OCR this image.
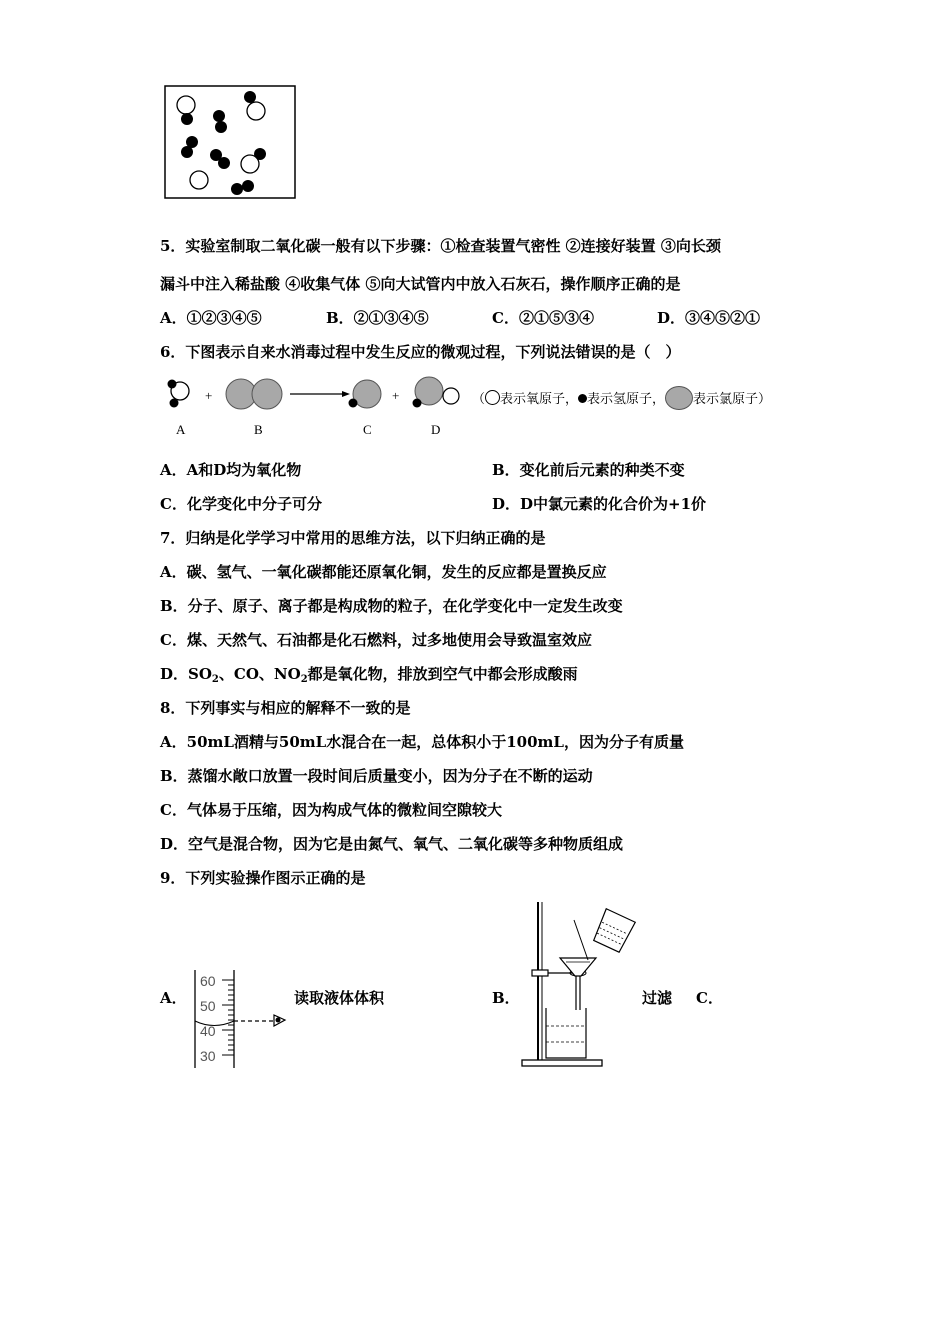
5．实验室制取二氧化碳一般有以下步骤：①检查装置气密性 ②连接好装置 ③向长颈
漏斗中注入稀盐酸 ④收集气体 ⑤向大试管内中放入石灰石，操作顺序正确的是
A．①②③④⑤	B．②①③④⑤	C．②①⑤③④	D．③④⑤②①
6．下图表示自来水消毒过程中发生反应的微观过程，下列说法错误的是（　）
+	+	（ 表示氧原子， 表示氢原子， 表示氯原子）
A	B	C	D
A．A和D均为氧化物	B．变化前后元素的种类不变
C．化学变化中分子可分	D．D中氯元素的化合价为+1价
7．归纳是化学学习中常用的思维方法，以下归纳正确的是
A．碳、氢气、一氧化碳都能还原氧化铜，发生的反应都是置换反应
B．分子、原子、离子都是构成物的粒子，在化学变化中一定发生改变
C．煤、天然气、石油都是化石燃料，过多地使用会导致温室效应
D．$SO_2$、CO、$NO_2$都是氧化物，排放到空气中都会形成酸雨
8．下列事实与相应的解释不一致的是
A．50mL酒精与50mL水混合在一起，总体积小于100mL，因为分子有质量
B．蒸馏水敞口放置一段时间后质量变小，因为分子在不断的运动
C．气体易于压缩，因为构成气体的微粒间空隙较大
D．空气是混合物，因为它是由氮气、氧气、二氧化碳等多种物质组成
9．下列实验操作图示正确的是
A．
60
50
40
30
读取液体体积	B．	过滤 C．
